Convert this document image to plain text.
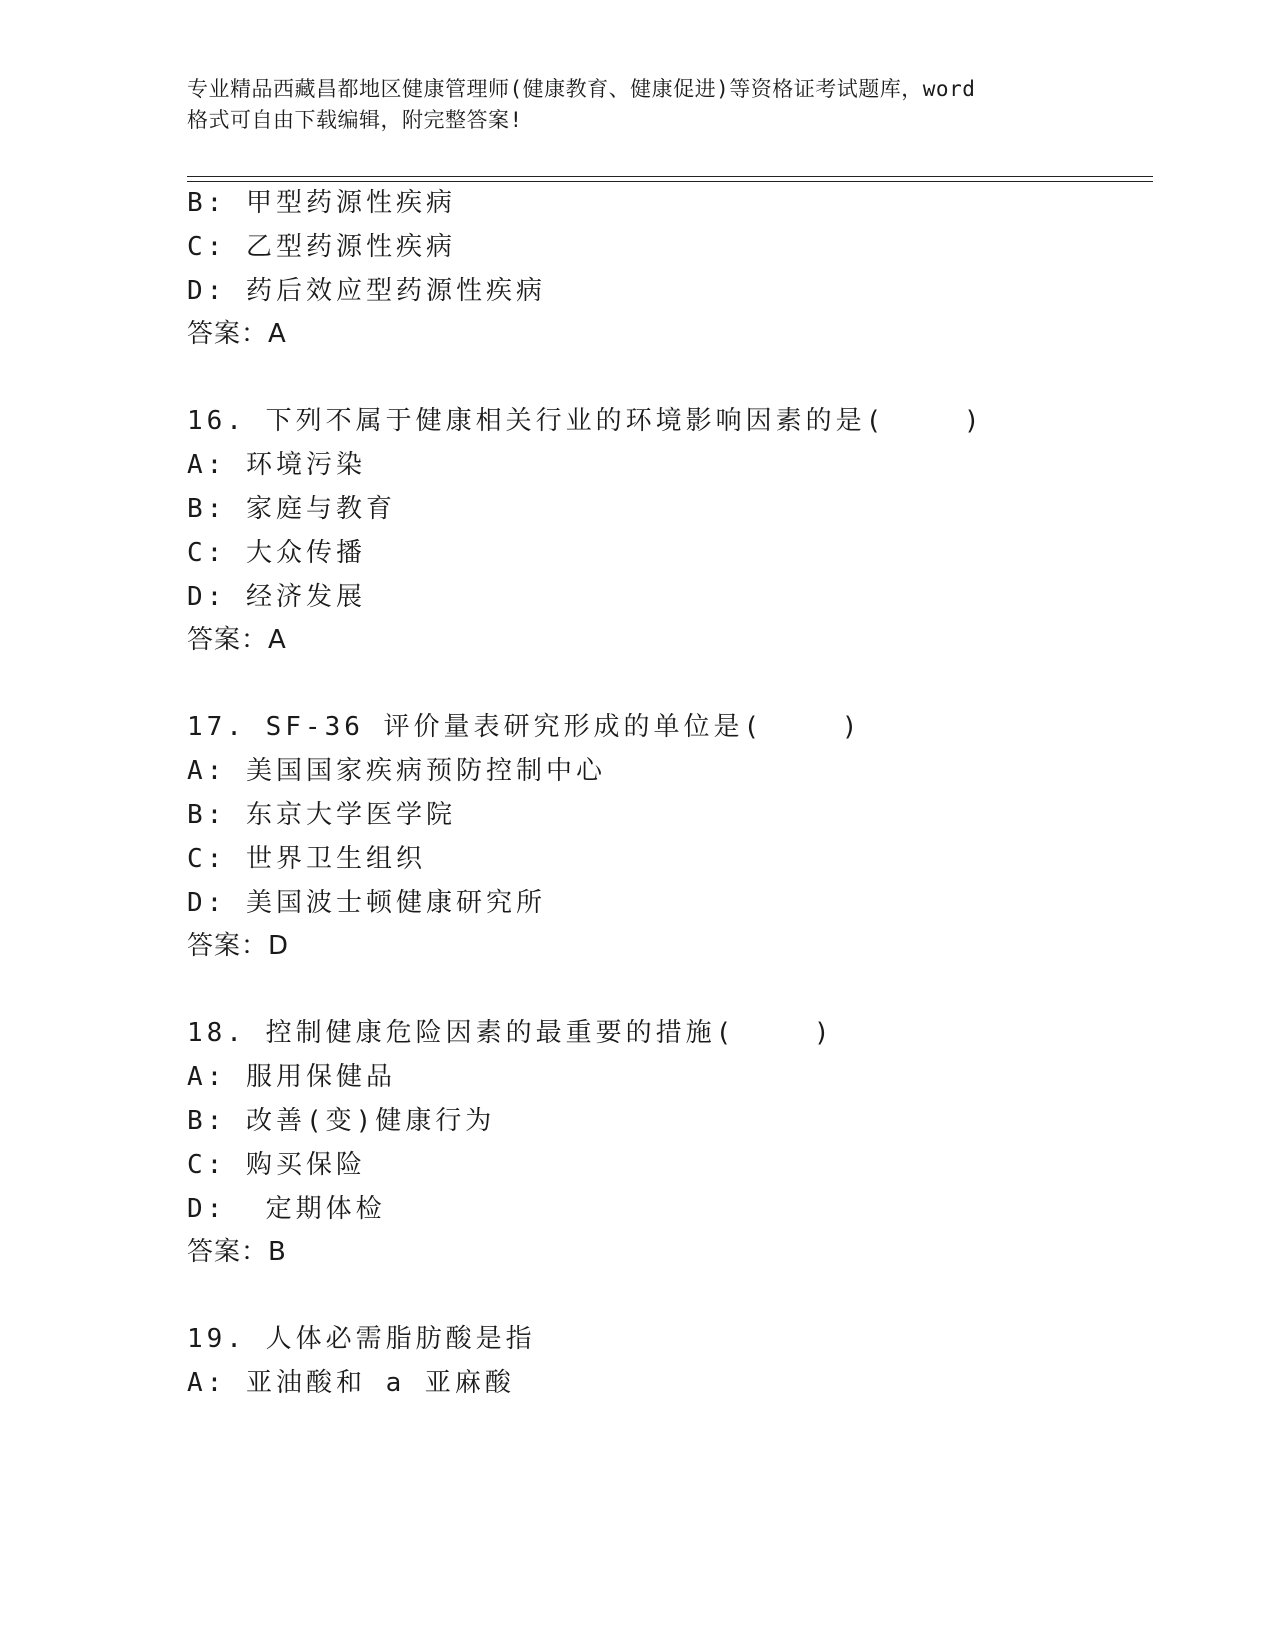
专业精品西藏昌都地区健康管理师(健康教育、健康促进)等资格证考试题库，word
格式可自由下载编辑，附完整答案!
B: 甲型药源性疾病
C: 乙型药源性疾病
D: 药后效应型药源性疾病
答案：A
16. 下列不属于健康相关行业的环境影响因素的是(    )
A: 环境污染
B: 家庭与教育
C: 大众传播
D: 经济发展
答案：A
17. SF-36 评价量表研究形成的单位是(    )
A: 美国国家疾病预防控制中心
B: 东京大学医学院
C: 世界卫生组织
D: 美国波士顿健康研究所
答案：D
18. 控制健康危险因素的最重要的措施(    )
A: 服用保健品
B: 改善(变)健康行为
C: 购买保险
D:  定期体检
答案：B
19. 人体必需脂肪酸是指
A: 亚油酸和 a 亚麻酸
